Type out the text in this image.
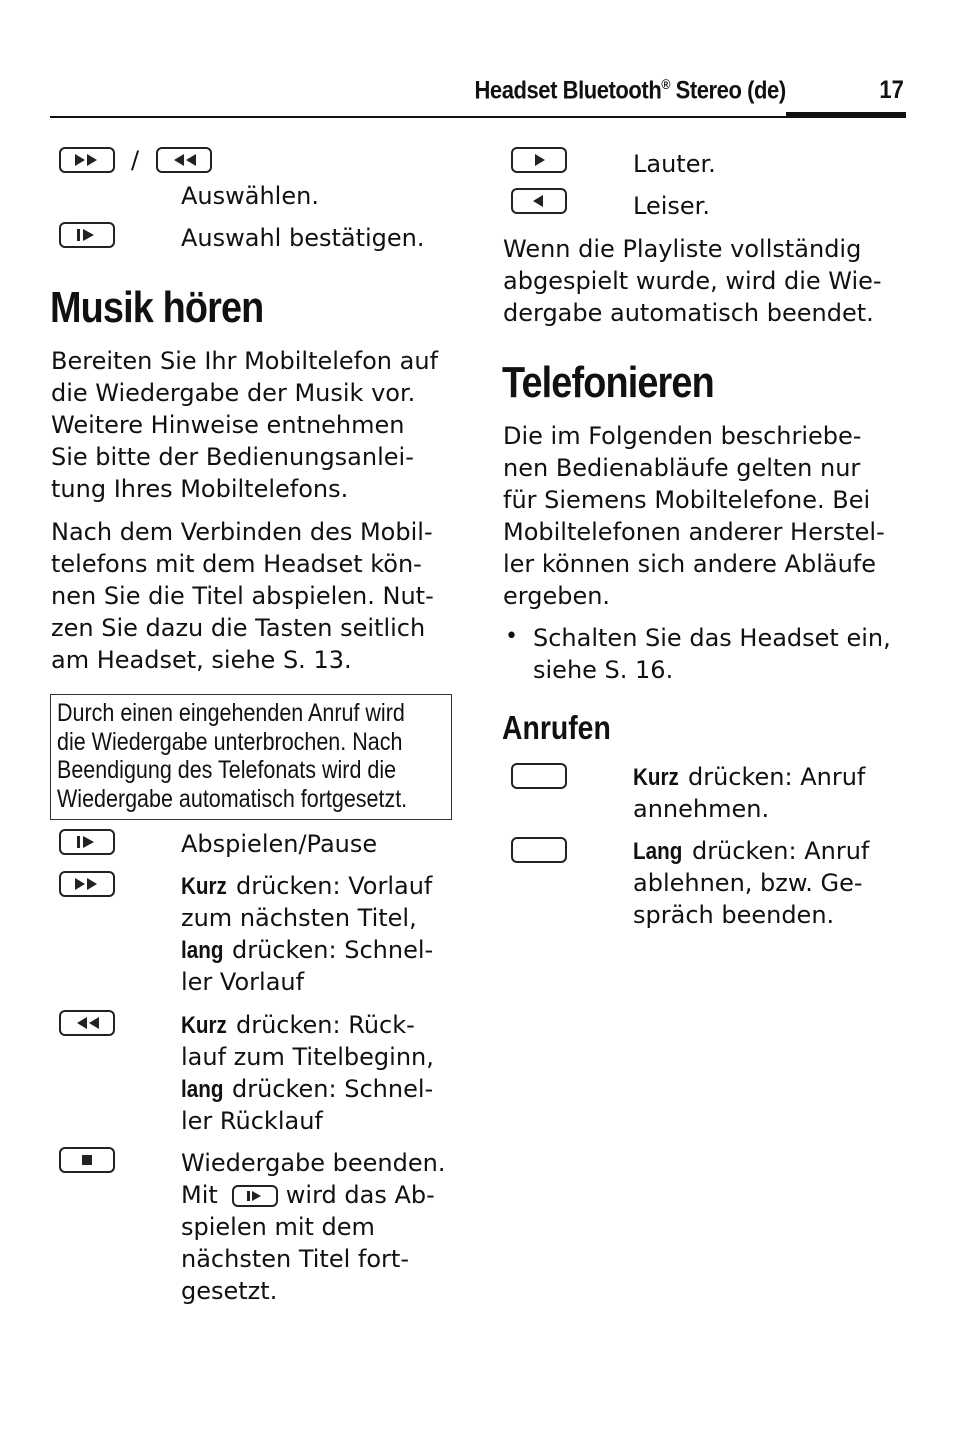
Headset Bluetooth® Stereo (de)	17
/
Auswählen.
Auswahl bestätigen.
Musik hören
Bereiten Sie Ihr Mobiltelefon auf
die Wiedergabe der Musik vor.
Weitere Hinweise entnehmen
Sie bitte der Bedienungsanlei-
tung Ihres Mobiltelefons.
Nach dem Verbinden des Mobil-
telefons mit dem Headset kön-
nen Sie die Titel abspielen. Nut-
zen Sie dazu die Tasten seitlich
am Headset, siehe S. 13.
Durch einen eingehenden Anruf wird
die Wiedergabe unterbrochen. Nach
Beendigung des Telefonats wird die
Wiedergabe automatisch fortgesetzt.
Abspielen/Pause
Kurz drücken: Vorlauf
zum nächsten Titel,
lang drücken: Schnel-
ler Vorlauf
Kurz drücken: Rück-
lauf zum Titelbeginn,
lang drücken: Schnel-
ler Rücklauf
Wiedergabe beenden.
Mit	wird das Ab-
spielen mit dem
nächsten Titel fort-
gesetzt.
Lauter.
Leiser.
Wenn die Playliste vollständig
abgespielt wurde, wird die Wie-
dergabe automatisch beendet.
Telefonieren
Die im Folgenden beschriebe-
nen Bedienabläufe gelten nur
für Siemens Mobiltelefone. Bei
Mobiltelefonen anderer Herstel-
ler können sich andere Abläufe
ergeben.
• Schalten Sie das Headset ein,
siehe S. 16.
Anrufen
Kurz drücken: Anruf
annehmen.
Lang drücken: Anruf
ablehnen, bzw. Ge-
spräch beenden.
